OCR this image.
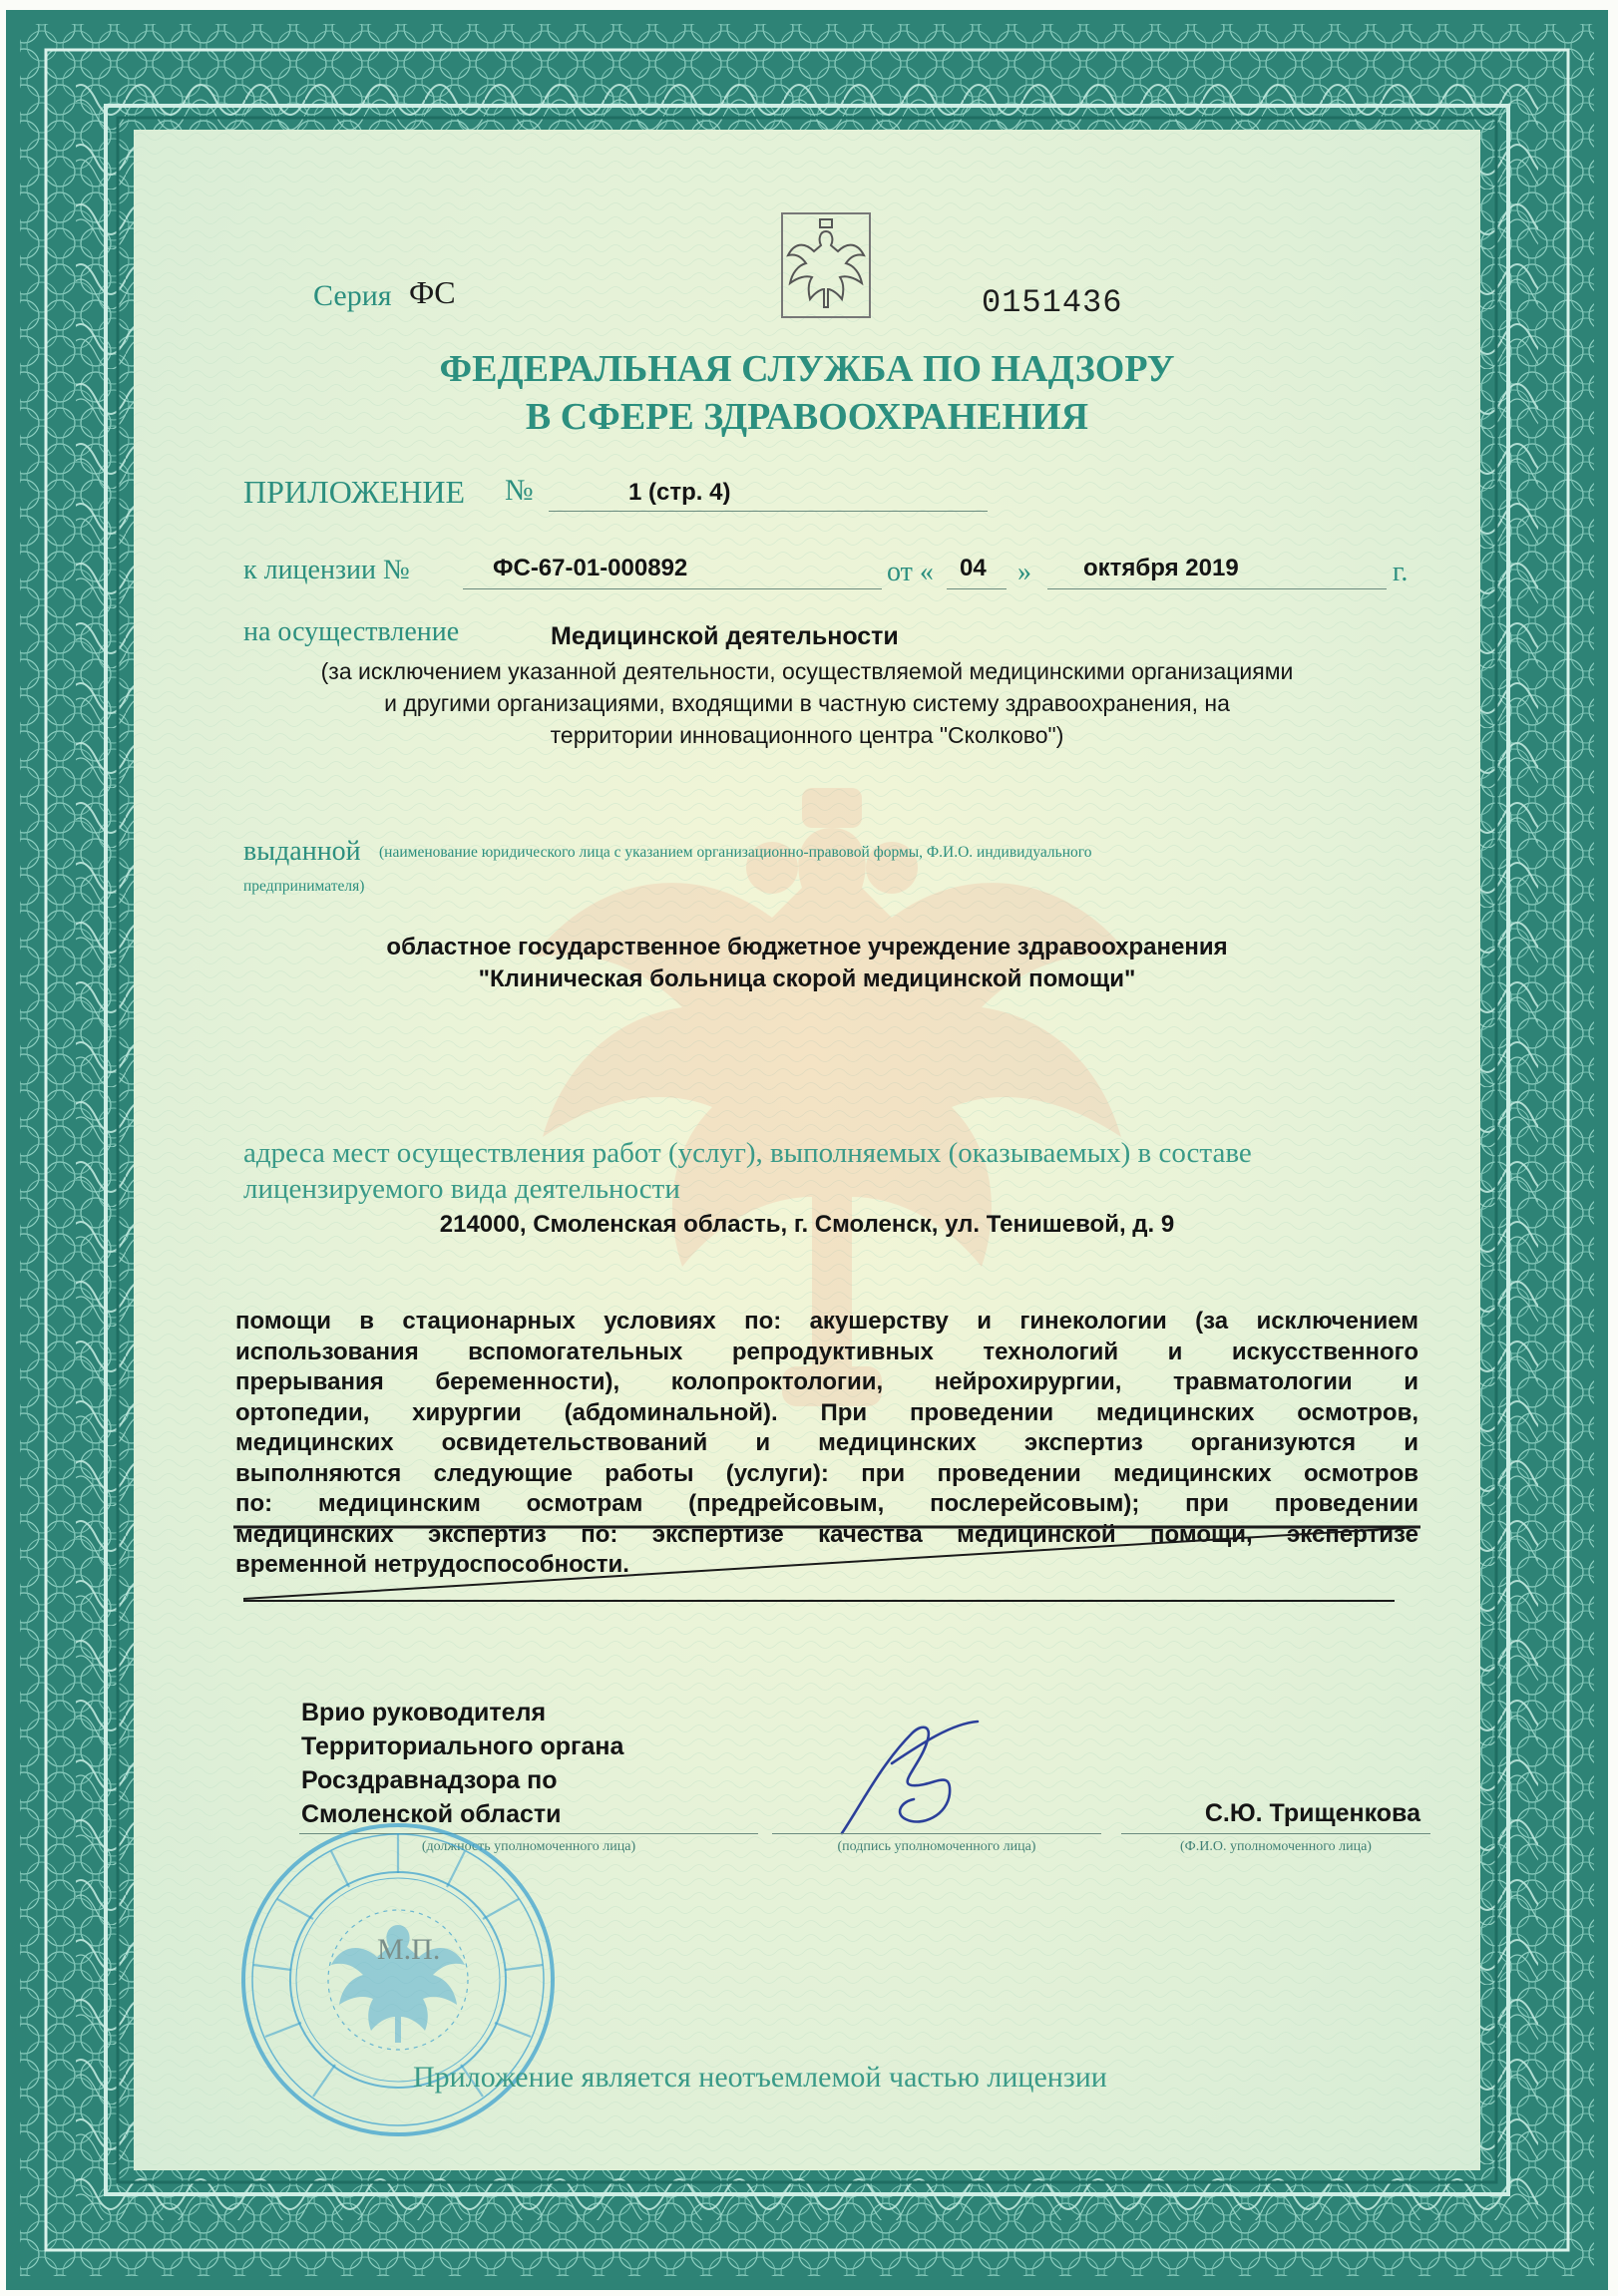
Серия ФС	0151436
ФЕДЕРАЛЬНАЯ СЛУЖБА ПО НАДЗОРУ
В СФЕРЕ ЗДРАВООХРАНЕНИЯ
ПРИЛОЖЕНИЕ №	1 (стр. 4)
к лицензии №	ФС-67-01-000892	от « 04 » октября 2019	г.
на осуществление	Медицинской деятельности
(за исключением указанной деятельности, осуществляемой медицинскими организациями
и другими организациями, входящими в частную систему здравоохранения, на
территории инновационного центра "Сколково")
выданной (наименование юридического лица с указанием организационно-правовой формы, Ф.И.О. индивидуального
предпринимателя)
областное государственное бюджетное учреждение здравоохранения
"Клиническая больница скорой медицинской помощи"
адреса мест осуществления работ (услуг), выполняемых (оказываемых) в составе
лицензируемого вида деятельности
214000, Смоленская область, г. Смоленск, ул. Тенишевой, д. 9
помощи в стационарных условиях по: акушерству и гинекологии (за исключением
использования вспомогательных репродуктивных технологий и искусственного
прерывания беременности), колопроктологии, нейрохирургии, травматологии и
ортопедии, хирургии (абдоминальной). При проведении медицинских осмотров,
медицинских освидетельствований и медицинских экспертиз организуются и
выполняются следующие работы (услуги): при проведении медицинских осмотров
по: медицинским осмотрам (предрейсовым, послерейсовым); при проведении
медицинских экспертиз по: экспертизе качества медицинской помощи, экспертизе
временной нетрудоспособности.
Врио руководителя
Территориального органа
Росздравнадзора по
Смоленской области
(должность уполномоченного лица)	(подпись уполномоченного лица)
С.Ю. Трищенкова
(Ф.И.О. уполномоченного лица)
М.П.
Приложение является неотъемлемой частью лицензии
